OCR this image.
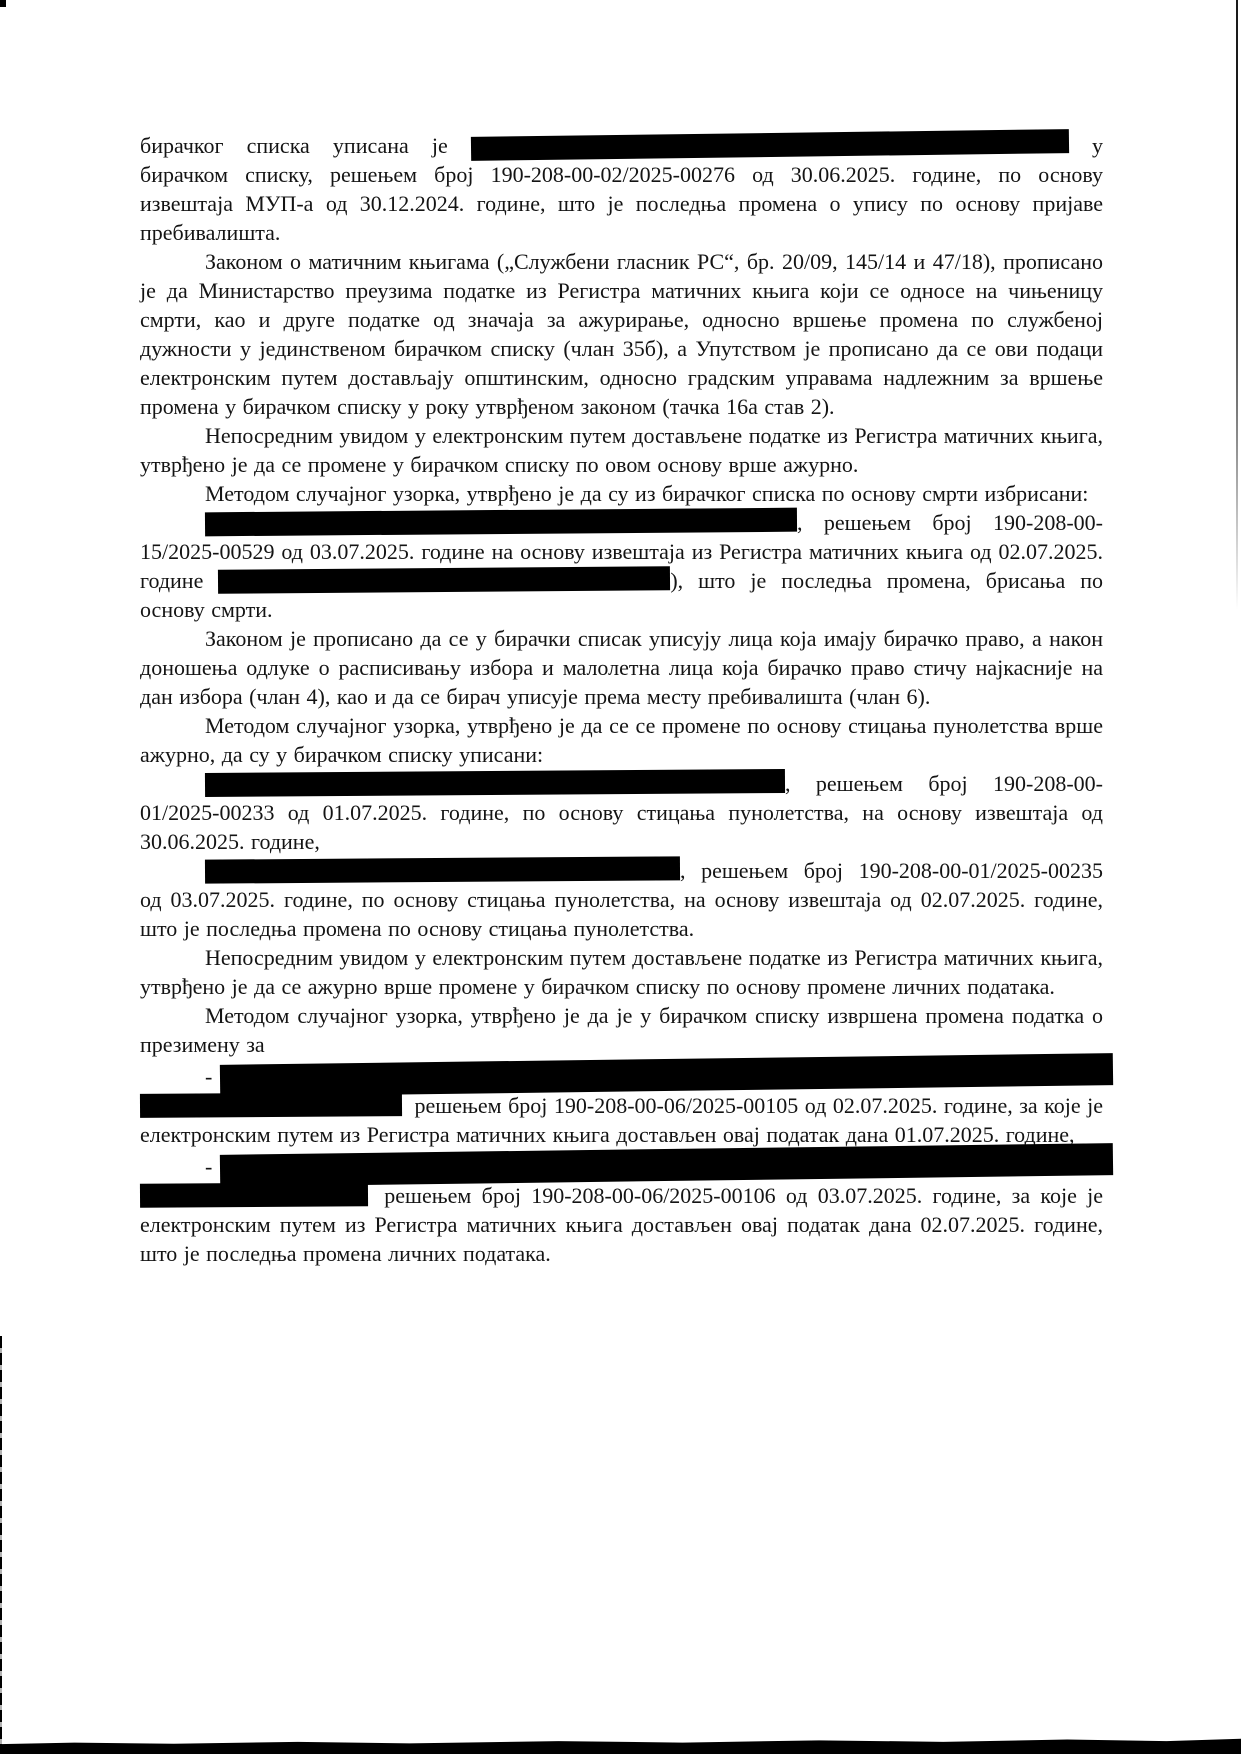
бирачког списка уписана је	у бирачком списку, решењем број 190-208-00-02/2025-00276 од 30.06.2025. године, по основу извештаја МУП-а од 30.12.2024. године, што је последња промена о упису по основу пријаве пребивалишта.

Законом о матичним књигама („Службени гласник РС“, бр. 20/09, 145/14 и 47/18), прописано је да Министарство преузима податке из Регистра матичних књига који се односе на чињеницу смрти, као и друге податке од значаја за ажурирање, односно вршење промена по службеној дужности у јединственом бирачком списку (члан 35б), а Упутством је прописано да се ови подаци електронским путем достављају општинским, односно градским управама надлежним за вршење промена у бирачком списку у року утврђеном законом (тачка 16а став 2).

Непосредним увидом у електронским путем достављене податке из Регистра матичних књига, утврђено је да се промене у бирачком списку по овом основу врше ажурно.

Методом случајног узорка, утврђено је да су из бирачког списка по основу смрти избрисани:

, решењем број 190-208-00-15/2025-00529 од 03.07.2025. године на основу извештаја из Регистра матичних књига од 02.07.2025. године	), што је последња промена, брисања по основу смрти.

Законом је прописано да се у бирачки списак уписују лица која имају бирачко право, а након доношења одлуке о расписивању избора и малолетна лица која бирачко право стичу најкасније на дан избора (члан 4), као и да се бирач уписује према месту пребивалишта (члан 6).

Методом случајног узорка, утврђено је да се се промене по основу стицања пунолетства врше ажурно, да су у бирачком списку уписани:

, решењем број 190-208-00-01/2025-00233 од 01.07.2025. године, по основу стицања пунолетства, на основу извештаја од 30.06.2025. године,

, решењем број 190-208-00-01/2025-00235 од 03.07.2025. године, по основу стицања пунолетства, на основу извештаја од 02.07.2025. године, што је последња промена по основу стицања пунолетства.

Непосредним увидом у електронским путем достављене податке из Регистра матичних књига, утврђено је да се ажурно врше промене у бирачком списку по основу промене личних података.

Методом случајног узорка, утврђено је да је у бирачком списку извршена промена податка о презимену за

-

решењем број 190-208-00-06/2025-00105 од 02.07.2025. године, за које је електронским путем из Регистра матичних књига достављен овај податак дана 01.07.2025. године,

-

решењем број 190-208-00-06/2025-00106 од 03.07.2025. године, за које је електронским путем из Регистра матичних књига достављен овај податак дана 02.07.2025. године, што је последња промена личних података.
